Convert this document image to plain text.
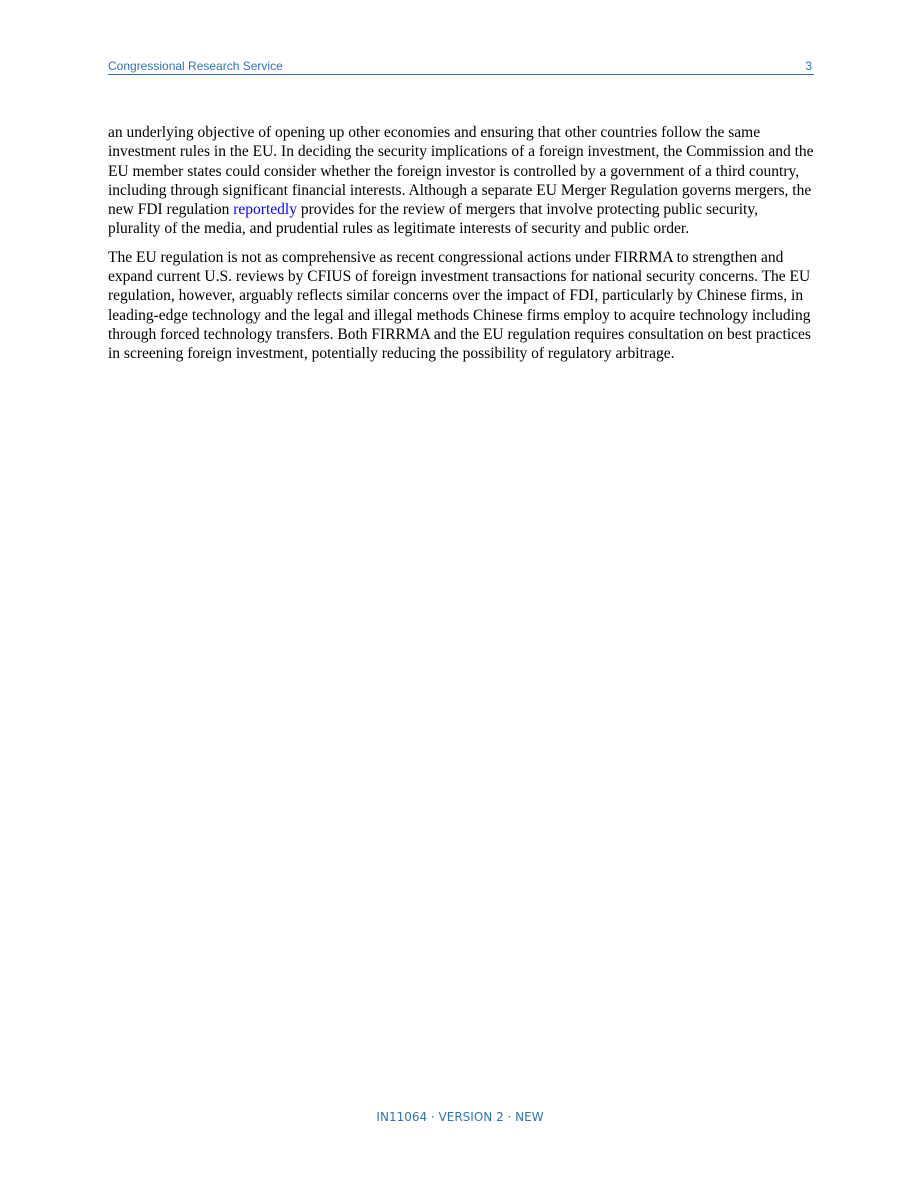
Congressional Research Service	3

an underlying objective of opening up other economies and ensuring that other countries follow the same investment rules in the EU. In deciding the security implications of a foreign investment, the Commission and the EU member states could consider whether the foreign investor is controlled by a government of a third country, including through significant financial interests. Although a separate EU Merger Regulation governs mergers, the new FDI regulation reportedly provides for the review of mergers that involve protecting public security, plurality of the media, and prudential rules as legitimate interests of security and public order.

The EU regulation is not as comprehensive as recent congressional actions under FIRRMA to strengthen and expand current U.S. reviews by CFIUS of foreign investment transactions for national security concerns. The EU regulation, however, arguably reflects similar concerns over the impact of FDI, particularly by Chinese firms, in leading-edge technology and the legal and illegal methods Chinese firms employ to acquire technology including through forced technology transfers. Both FIRRMA and the EU regulation requires consultation on best practices in screening foreign investment, potentially reducing the possibility of regulatory arbitrage.

IN11064 · VERSION 2 · NEW
